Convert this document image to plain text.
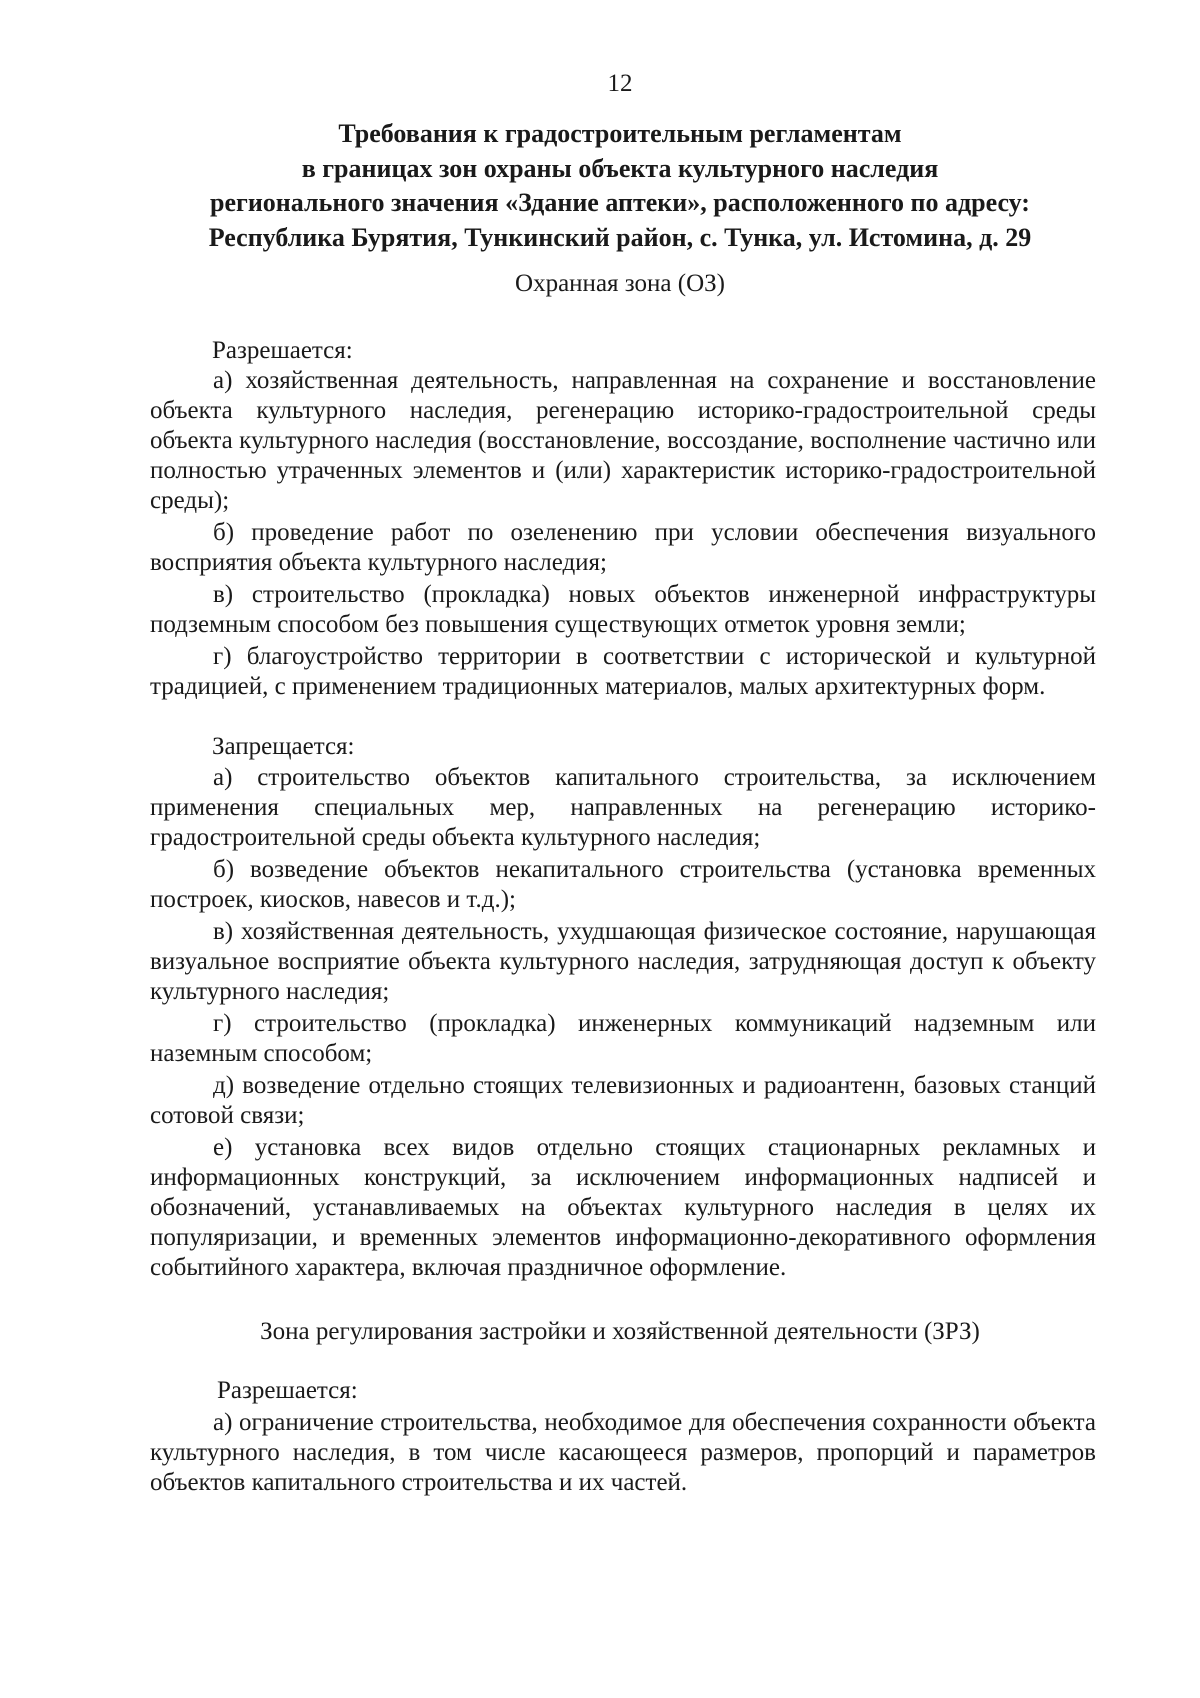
12
Требования к градостроительным регламентам
в границах зон охраны объекта культурного наследия
регионального значения «Здание аптеки», расположенного по адресу:
Республика Бурятия, Тункинский район, с. Тунка, ул. Истомина, д. 29
Охранная зона (ОЗ)
Разрешается:

а) хозяйственная деятельность, направленная на сохранение и восстановление объекта культурного наследия, регенерацию историко-градостроительной среды объекта культурного наследия (восстановление, воссоздание, восполнение частично или полностью утраченных элементов и (или) характеристик историко-градостроительной среды);

б) проведение работ по озеленению при условии обеспечения визуального восприятия объекта культурного наследия;

в) строительство (прокладка) новых объектов инженерной инфраструктуры подземным способом без повышения существующих отметок уровня земли;

г) благоустройство территории в соответствии с исторической и культурной традицией, с применением традиционных материалов, малых архитектурных форм.

Запрещается:

а) строительство объектов капитального строительства, за исключением применения специальных мер, направленных на регенерацию историко-градостроительной среды объекта культурного наследия;

б) возведение объектов некапитального строительства (установка временных построек, киосков, навесов и т.д.);

в) хозяйственная деятельность, ухудшающая физическое состояние, нарушающая визуальное восприятие объекта культурного наследия, затрудняющая доступ к объекту культурного наследия;

г) строительство (прокладка) инженерных коммуникаций надземным или наземным способом;

д) возведение отдельно стоящих телевизионных и радиоантенн, базовых станций сотовой связи;

е) установка всех видов отдельно стоящих стационарных рекламных и информационных конструкций, за исключением информационных надписей и обозначений, устанавливаемых на объектах культурного наследия в целях их популяризации, и временных элементов информационно-декоративного оформления событийного характера, включая праздничное оформление.

Зона регулирования застройки и хозяйственной деятельности (ЗРЗ)
Разрешается:

а) ограничение строительства, необходимое для обеспечения сохранности объекта культурного наследия, в том числе касающееся размеров, пропорций и параметров объектов капитального строительства и их частей.
